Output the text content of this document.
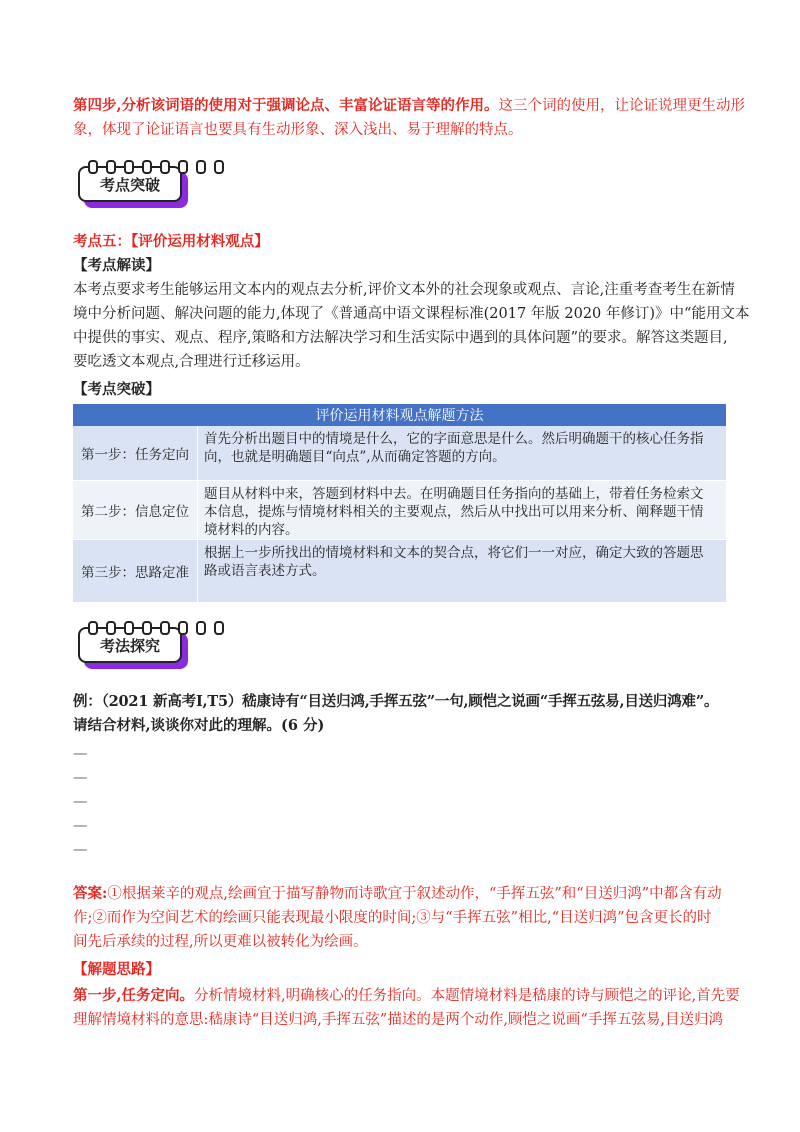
第四步,分析该词语的使用对于强调论点、丰富论证语言等的作用。这三个词的使用，让论证说理更生动形
象，体现了论证语言也要具有生动形象、深入浅出、易于理解的特点。
考点突破
考点五：【评价运用材料观点】
【考点解读】
本考点要求考生能够运用文本内的观点去分析,评价文本外的社会现象或观点、言论,注重考查考生在新情
境中分析问题、解决问题的能力,体现了《普通高中语文课程标准(2017 年版 2020 年修订)》中“能用文本
中提供的事实、观点、程序,策略和方法解决学习和生活实际中遇到的具体问题”的要求。解答这类题目,
要吃透文本观点,合理进行迁移运用。
【考点突破】
评价运用材料观点解题方法
第一步：任务定向
首先分析出题目中的情境是什么，它的字面意思是什么。然后明确题干的核心任务指
向，也就是明确题目“向点”,从而确定答题的方向。
第二步：信息定位
题目从材料中来，答题到材料中去。在明确题目任务指向的基础上，带着任务检索文
本信息，提炼与情境材料相关的主要观点，然后从中找出可以用来分析、阐释题干情
境材料的内容。
第三步：思路定准
根据上一步所找出的情境材料和文本的契合点，将它们一一对应，确定大致的答题思
路或语言表述方式。
考法探究
例：（2021 新高考Ⅰ,T5）嵇康诗有“目送归鸿,手挥五弦”一句,顾恺之说画“手挥五弦易,目送归鸿难”。
请结合材料,谈谈你对此的理解。(6 分)
—
—
—
—
—
答案:①根据莱辛的观点,绘画宜于描写静物而诗歌宜于叙述动作，“手挥五弦”和“目送归鸿”中都含有动
作;②而作为空间艺术的绘画只能表现最小限度的时间;③与“手挥五弦”相比,“目送归鸿”包含更长的时
间先后承续的过程,所以更难以被转化为绘画。
【解题思路】
第一步,任务定向。分析情境材料,明确核心的任务指向。本题情境材料是嵇康的诗与顾恺之的评论,首先要
理解情境材料的意思:嵇康诗“目送归鸿,手挥五弦”描述的是两个动作,顾恺之说画“手挥五弦易,目送归鸿
